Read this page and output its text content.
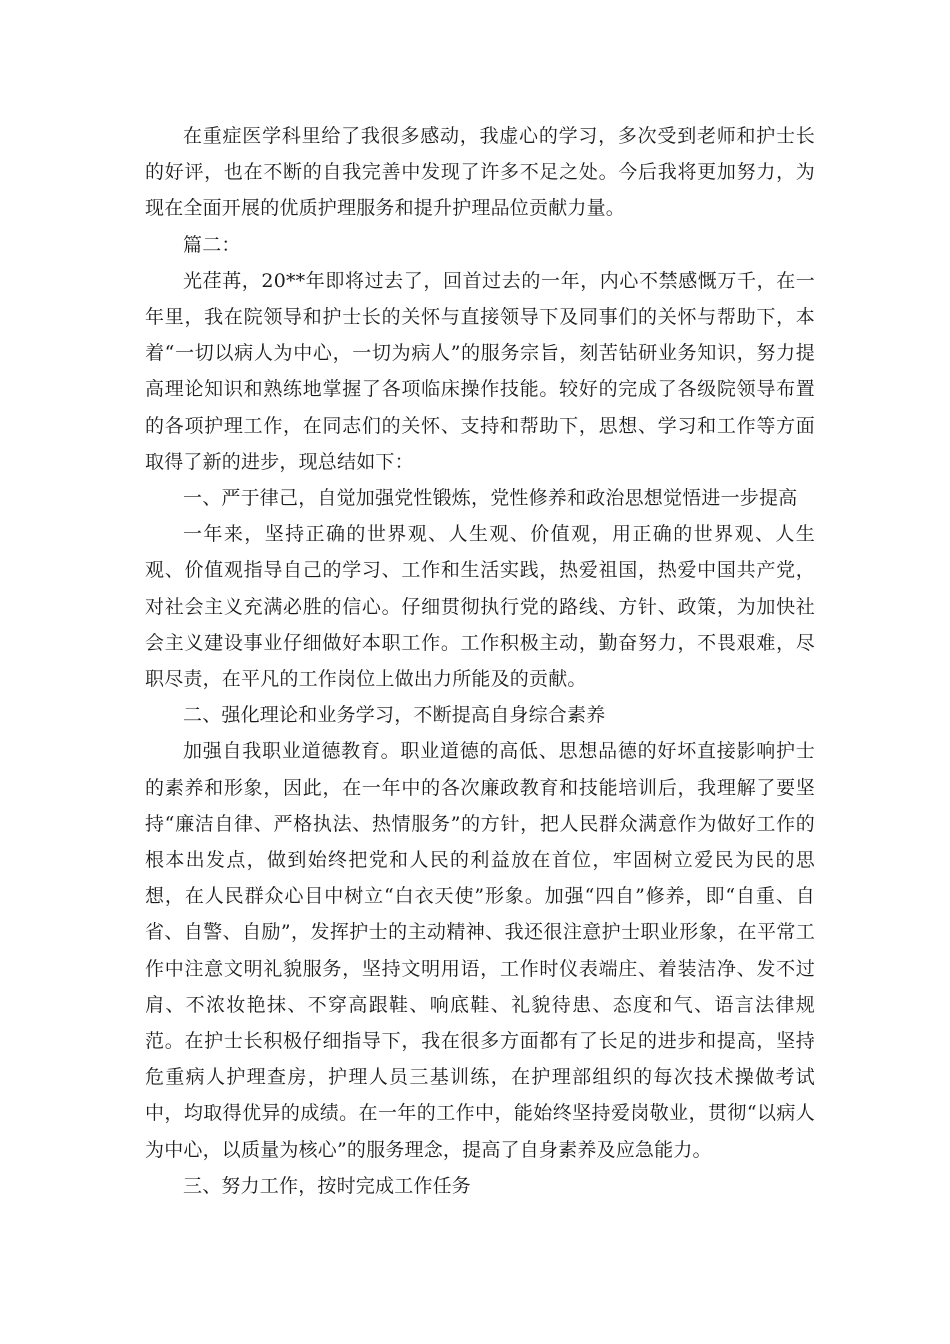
在重症医学科里给了我很多感动，我虚心的学习，多次受到老师和护士长的好评，也在不断的自我完善中发现了许多不足之处。今后我将更加努力，为现在全面开展的优质护理服务和提升护理品位贡献力量。

篇二：

光荏苒，20**年即将过去了，回首过去的一年，内心不禁感慨万千，在一年里，我在院领导和护士长的关怀与直接领导下及同事们的关怀与帮助下，本着“一切以病人为中心，一切为病人”的服务宗旨，刻苦钻研业务知识，努力提高理论知识和熟练地掌握了各项临床操作技能。较好的完成了各级院领导布置的各项护理工作，在同志们的关怀、支持和帮助下，思想、学习和工作等方面取得了新的进步，现总结如下：

一、严于律己，自觉加强党性锻炼，党性修养和政治思想觉悟进一步提高

一年来，坚持正确的世界观、人生观、价值观，用正确的世界观、人生观、价值观指导自己的学习、工作和生活实践，热爱祖国，热爱中国共产党，对社会主义充满必胜的信心。仔细贯彻执行党的路线、方针、政策，为加快社会主义建设事业仔细做好本职工作。工作积极主动，勤奋努力，不畏艰难，尽职尽责，在平凡的工作岗位上做出力所能及的贡献。

二、强化理论和业务学习，不断提高自身综合素养

加强自我职业道德教育。职业道德的高低、思想品德的好坏直接影响护士的素养和形象，因此，在一年中的各次廉政教育和技能培训后，我理解了要坚持“廉洁自律、严格执法、热情服务”的方针，把人民群众满意作为做好工作的根本出发点，做到始终把党和人民的利益放在首位，牢固树立爱民为民的思想，在人民群众心目中树立“白衣天使”形象。加强“四自”修养，即“自重、自省、自警、自励”，发挥护士的主动精神、我还很注意护士职业形象，在平常工作中注意文明礼貌服务，坚持文明用语，工作时仪表端庄、着装洁净、发不过肩、不浓妆艳抹、不穿高跟鞋、响底鞋、礼貌待患、态度和气、语言法律规范。在护士长积极仔细指导下，我在很多方面都有了长足的进步和提高，坚持危重病人护理查房，护理人员三基训练，在护理部组织的每次技术操做考试中，均取得优异的成绩。在一年的工作中，能始终坚持爱岗敬业，贯彻“以病人为中心，以质量为核心”的服务理念，提高了自身素养及应急能力。

三、努力工作，按时完成工作任务
